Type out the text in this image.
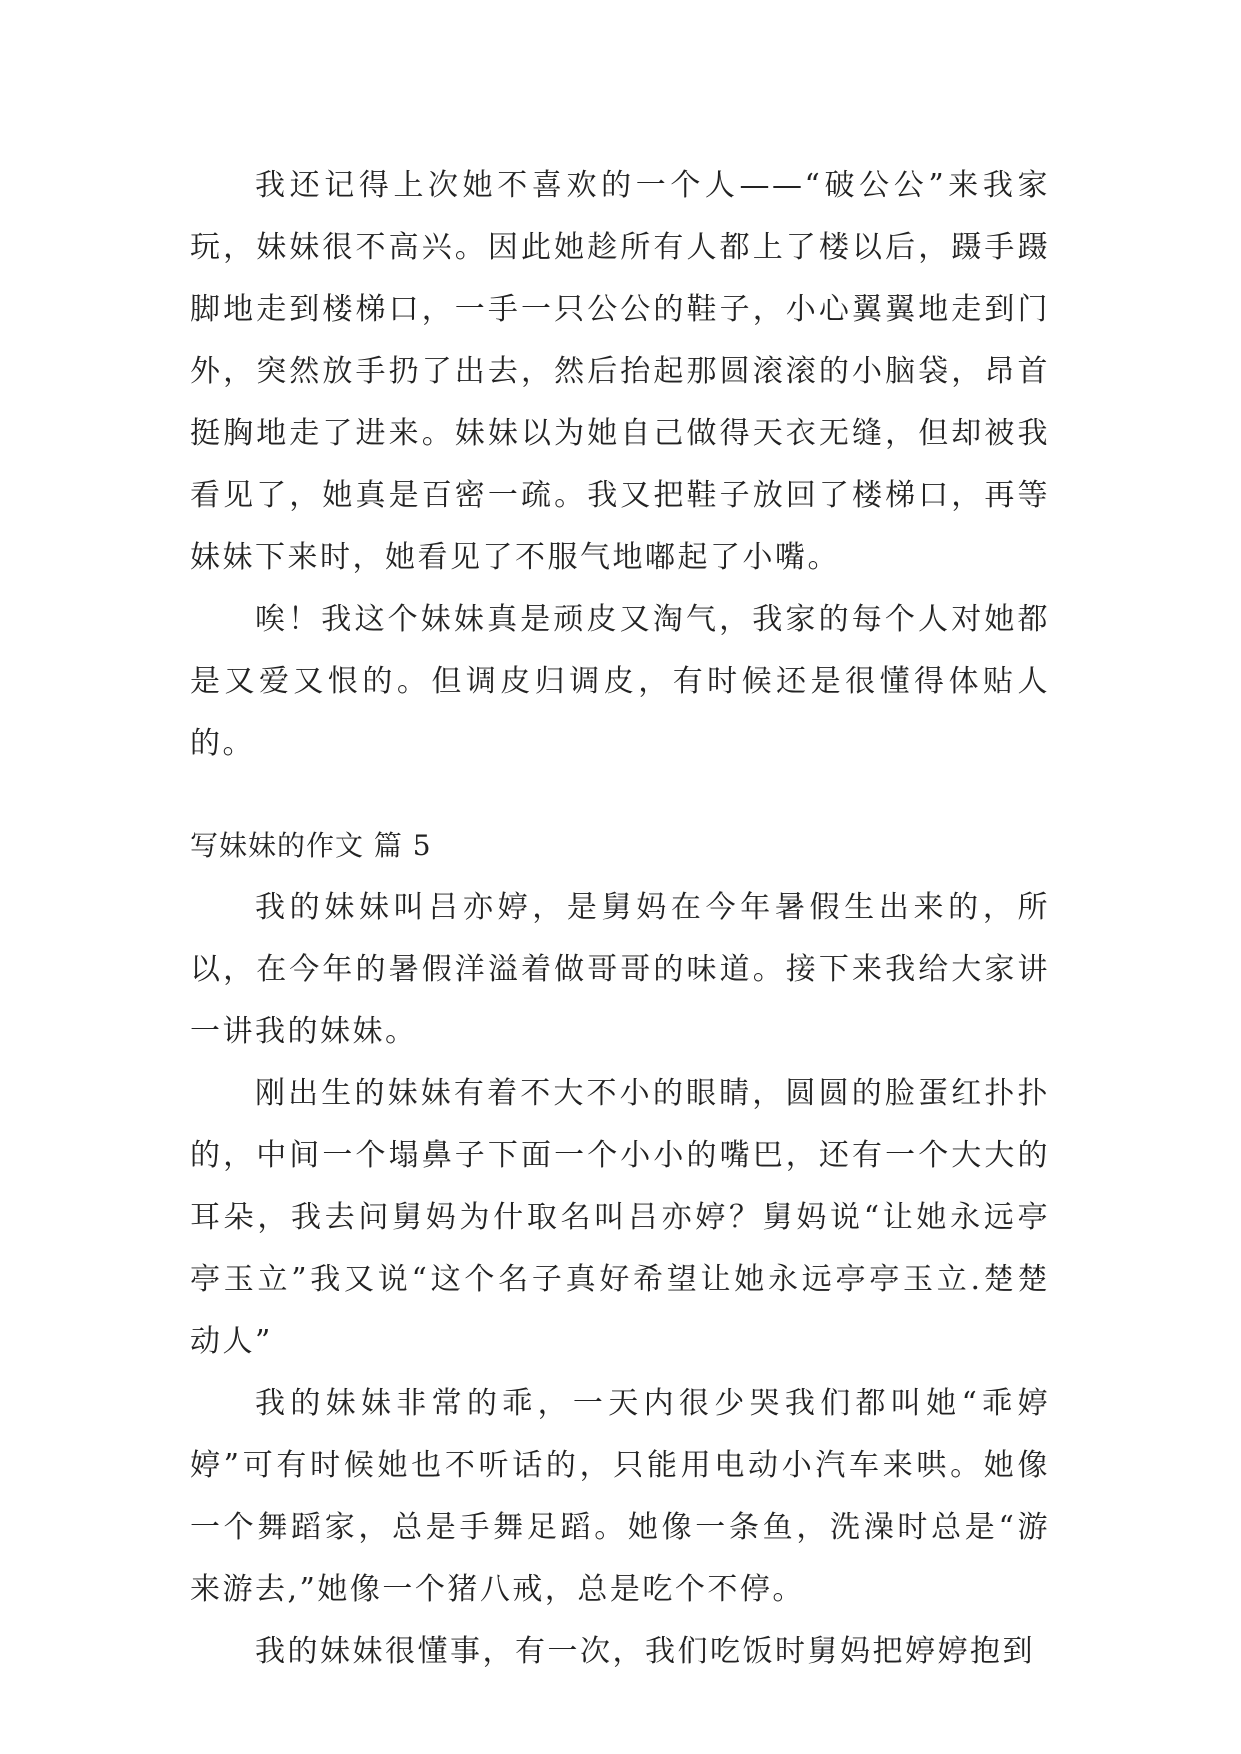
我还记得上次她不喜欢的一个人——“破公公”来我家玩，妹妹很不高兴。因此她趁所有人都上了楼以后，蹑手蹑脚地走到楼梯口，一手一只公公的鞋子，小心翼翼地走到门外，突然放手扔了出去，然后抬起那圆滚滚的小脑袋，昂首挺胸地走了进来。妹妹以为她自己做得天衣无缝，但却被我看见了，她真是百密一疏。我又把鞋子放回了楼梯口，再等妹妹下来时，她看见了不服气地嘟起了小嘴。

唉！我这个妹妹真是顽皮又淘气，我家的每个人对她都是又爱又恨的。但调皮归调皮，有时候还是很懂得体贴人的。

写妹妹的作文 篇 5

我的妹妹叫吕亦婷，是舅妈在今年暑假生出来的，所以，在今年的暑假洋溢着做哥哥的味道。接下来我给大家讲一讲我的妹妹。

刚出生的妹妹有着不大不小的眼睛，圆圆的脸蛋红扑扑的，中间一个塌鼻子下面一个小小的嘴巴，还有一个大大的耳朵，我去问舅妈为什取名叫吕亦婷？舅妈说“让她永远亭亭玉立”我又说“这个名子真好希望让她永远亭亭玉立.楚楚动人”

我的妹妹非常的乖，一天内很少哭我们都叫她“乖婷婷”可有时候她也不听话的，只能用电动小汽车来哄。她像一个舞蹈家，总是手舞足蹈。她像一条鱼，洗澡时总是“游来游去,”她像一个猪八戒，总是吃个不停。

我的妹妹很懂事，有一次，我们吃饭时舅妈把婷婷抱到
